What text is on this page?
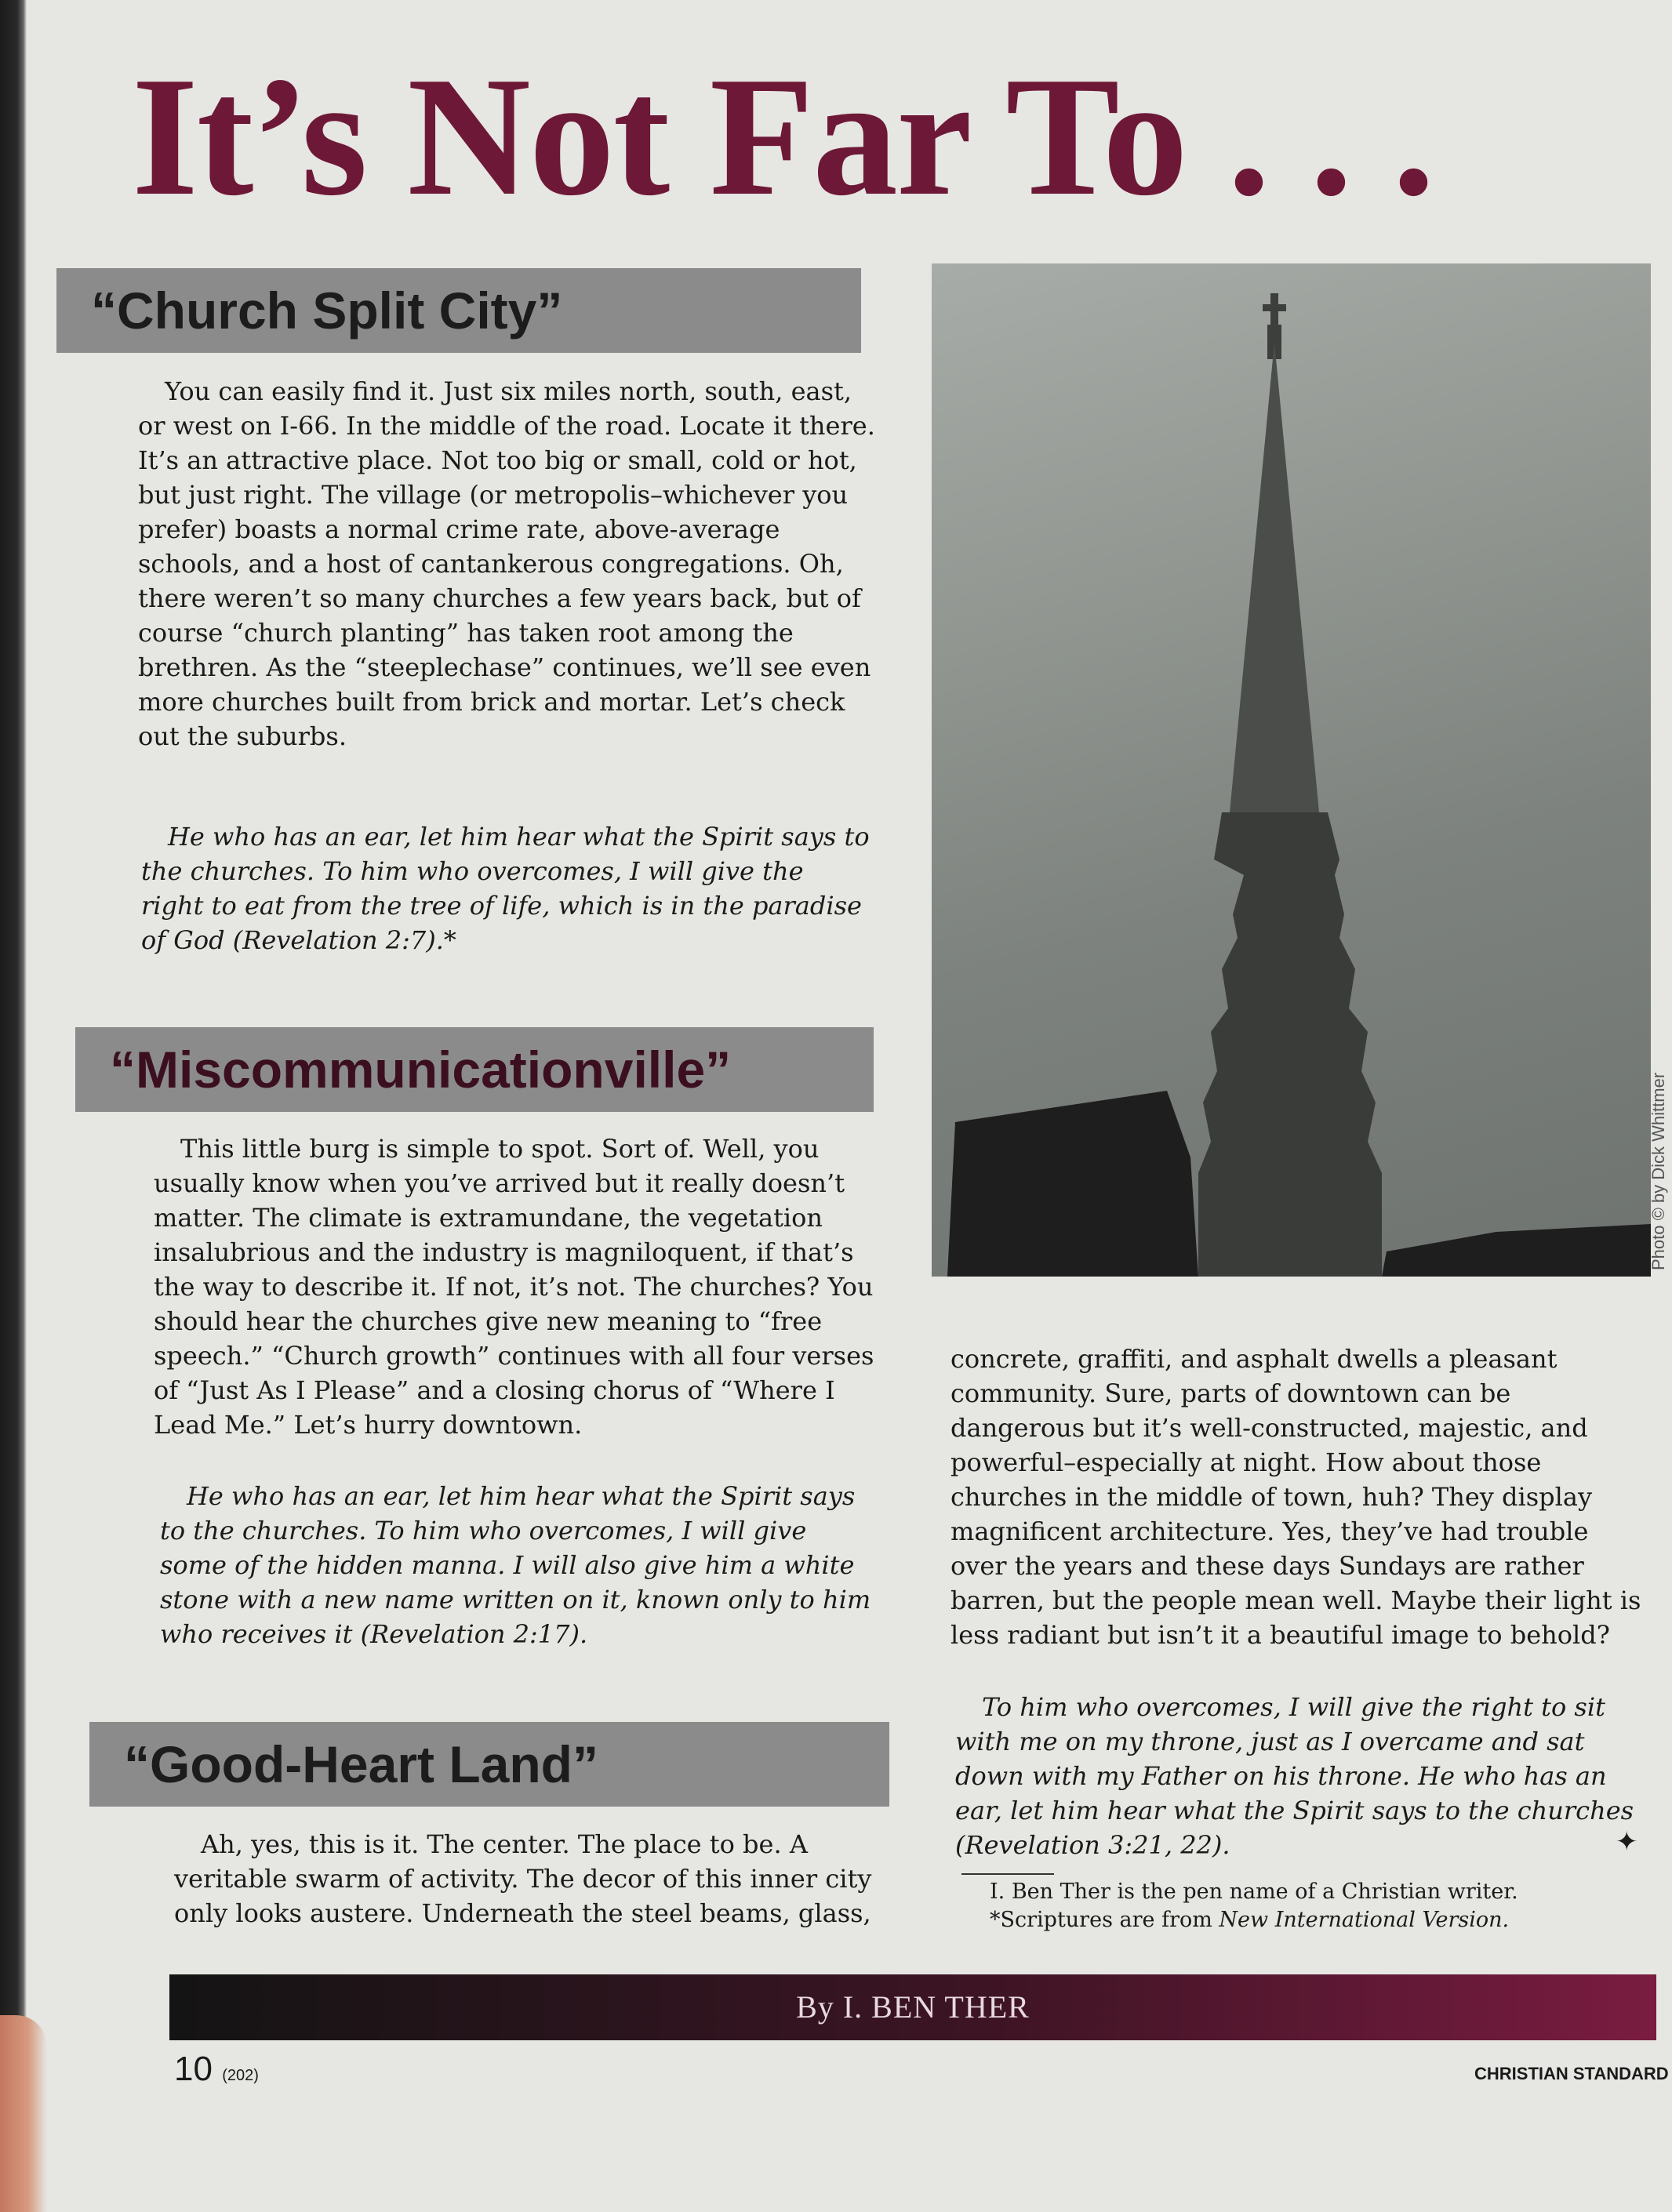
It’s Not Far To . . .
“Church Split City”

You can easily find it. Just six miles north, south, east, or west on I-66. In the middle of the road. Locate it there. It’s an attractive place. Not too big or small, cold or hot, but just right. The village (or metropolis–whichever you prefer) boasts a normal crime rate, above-average schools, and a host of cantankerous congregations. Oh, there weren’t so many churches a few years back, but of course “church planting” has taken root among the brethren. As the “steeplechase” continues, we’ll see even more churches built from brick and mortar. Let’s check out the suburbs.

He who has an ear, let him hear what the Spirit says to the churches. To him who overcomes, I will give the right to eat from the tree of life, which is in the paradise of God (Revelation 2:7).*

“Miscommunicationville”

This little burg is simple to spot. Sort of. Well, you usually know when you’ve arrived but it really doesn’t matter. The climate is extramundane, the vegetation insalubrious and the industry is magniloquent, if that’s the way to describe it. If not, it’s not. The churches? You should hear the churches give new meaning to “free speech.” “Church growth” continues with all four verses of “Just As I Please” and a closing chorus of “Where I Lead Me.” Let’s hurry downtown.

He who has an ear, let him hear what the Spirit says to the churches. To him who overcomes, I will give some of the hidden manna. I will also give him a white stone with a new name written on it, known only to him who receives it (Revelation 2:17).

“Good-Heart Land”

Ah, yes, this is it. The center. The place to be. A veritable swarm of activity. The decor of this inner city only looks austere. Underneath the steel beams, glass,

Photo © by Dick Whittmer

concrete, graffiti, and asphalt dwells a pleasant community. Sure, parts of downtown can be dangerous but it’s well-constructed, majestic, and powerful–especially at night. How about those churches in the middle of town, huh? They display magnificent architecture. Yes, they’ve had trouble over the years and these days Sundays are rather barren, but the people mean well. Maybe their light is less radiant but isn’t it a beautiful image to behold?

To him who overcomes, I will give the right to sit with me on my throne, just as I overcame and sat down with my Father on his throne. He who has an ear, let him hear what the Spirit says to the churches (Revelation 3:21, 22).	✦

I. Ben Ther is the pen name of a Christian writer.

*Scriptures are from New International Version.

By I. BEN THER
10 (202)	CHRISTIAN STANDARD
